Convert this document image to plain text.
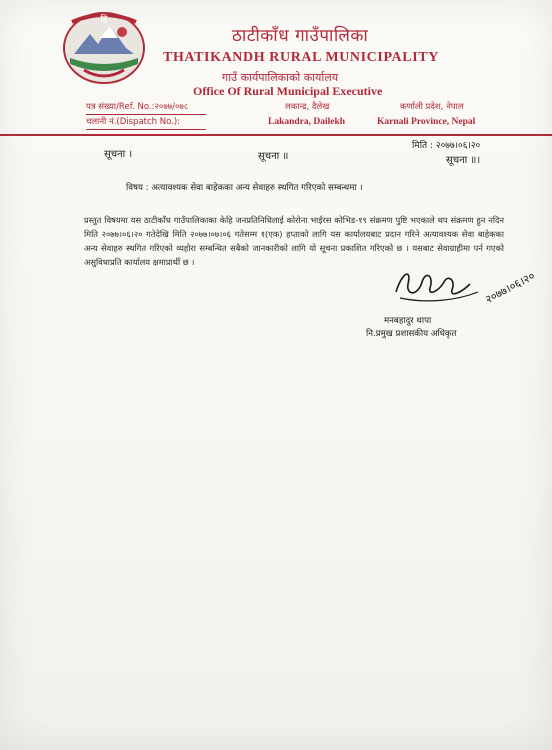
हि
ठाटीकाँध गाउँपालिका
THATIKANDH RURAL MUNICIPALITY
गाउँ कार्यपालिकाको कार्यालय
Office Of Rural Municipal Executive
पत्र संख्या/Ref. No.:२०७७/०७८
चलानी नं.(Dispatch No.):
लकान्द्र, दैलेख
Lakandra, Dailekh
कर्णाली प्रदेश, नेपाल
Karnali Province, Nepal
मिति : २०७७।०६।२०
सूचना ।	सूचना ॥	सूचना ॥।
विषय : अत्यावश्यक सेवा बाहेकका अन्य सेवाहरु स्थगित गरिएको सम्बन्धमा ।
प्रस्तुत विषयमा यस ठाटीकाँध गाउँपालिकाका केहि जनप्रतिनिधिलाई कोरोना भाईरस कोभिड-१९ संक्रमण पुष्टि भएकाले थप संक्रमण हुन नदिन मिति २०७७।०६।२० गतेदेखि मिति २०७७।०७।०६ गतेसम्म १(एक) हप्ताको लागि यस कार्यालयबाट प्रदान गरिने अत्यावश्यक सेवा बाहेकका अन्य सेवाहरु स्थगित गरिएको व्यहोरा सम्बन्धित सबैको जानकारीको लागि यो सूचना प्रकाशित गरिएको छ । यसबाट सेवाग्राहीमा पर्न गएको असुविधाप्रति कार्यालय क्षमाप्रार्थी छ ।
२०७७।०६।२०
मनबहादुर थापा
नि.प्रमुख प्रशासकीय अधिकृत
